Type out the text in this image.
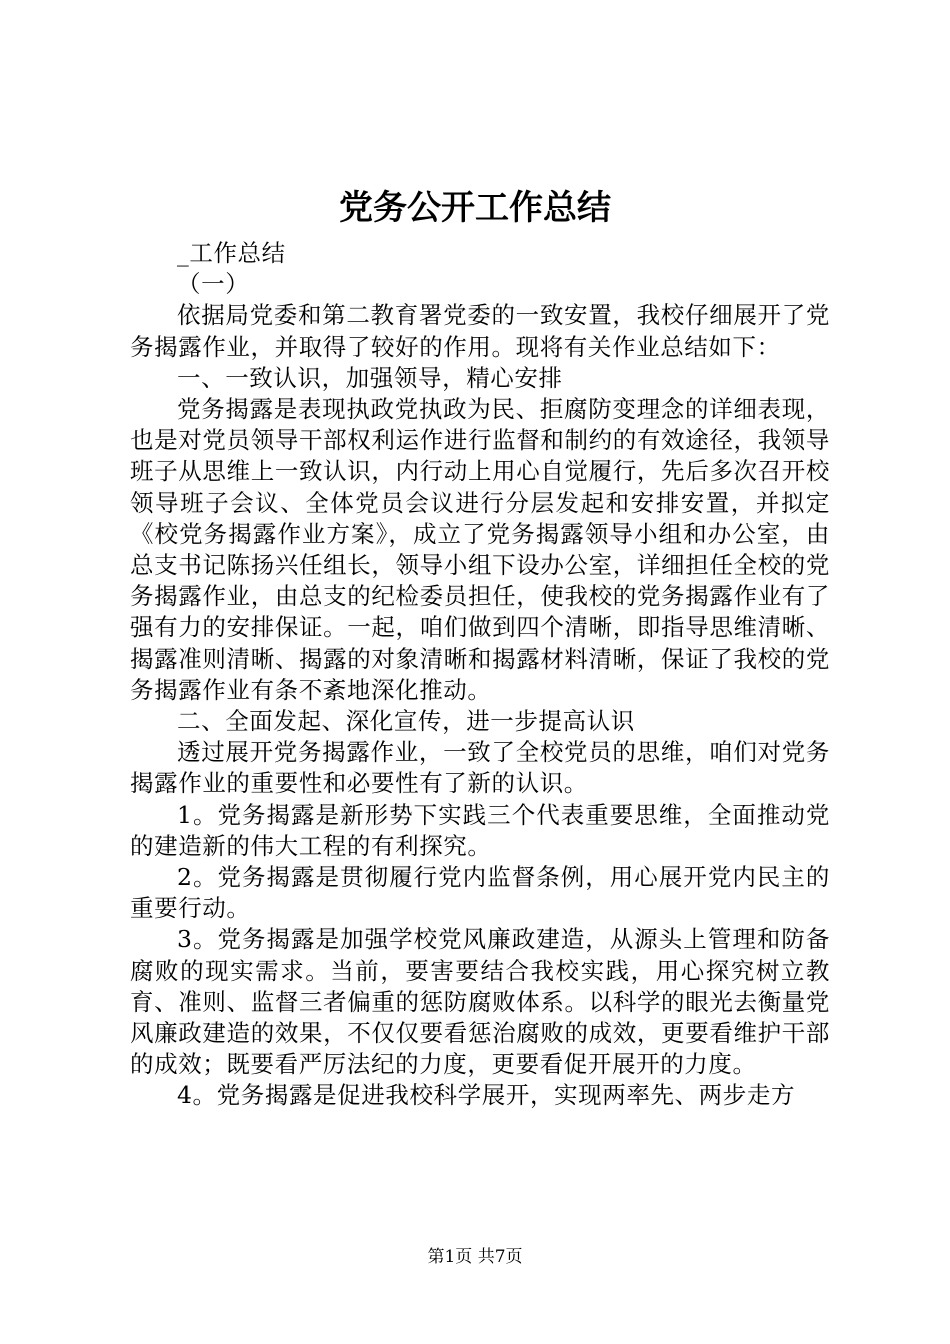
党务公开工作总结

_工作总结

（一）

依据局党委和第二教育署党委的一致安置，我校仔细展开了党务揭露作业，并取得了较好的作用。现将有关作业总结如下：

一、一致认识，加强领导，精心安排

党务揭露是表现执政党执政为民、拒腐防变理念的详细表现，也是对党员领导干部权利运作进行监督和制约的有效途径，我领导班子从思维上一致认识，内行动上用心自觉履行，先后多次召开校领导班子会议、全体党员会议进行分层发起和安排安置，并拟定《校党务揭露作业方案》，成立了党务揭露领导小组和办公室，由总支书记陈扬兴任组长，领导小组下设办公室，详细担任全校的党务揭露作业，由总支的纪检委员担任，使我校的党务揭露作业有了强有力的安排保证。一起，咱们做到四个清晰，即指导思维清晰、揭露准则清晰、揭露的对象清晰和揭露材料清晰，保证了我校的党务揭露作业有条不紊地深化推动。

二、全面发起、深化宣传，进一步提高认识

透过展开党务揭露作业，一致了全校党员的思维，咱们对党务揭露作业的重要性和必要性有了新的认识。

1。党务揭露是新形势下实践三个代表重要思维，全面推动党的建造新的伟大工程的有利探究。

2。党务揭露是贯彻履行党内监督条例，用心展开党内民主的重要行动。

3。党务揭露是加强学校党风廉政建造，从源头上管理和防备腐败的现实需求。当前，要害要结合我校实践，用心探究树立教育、准则、监督三者偏重的惩防腐败体系。以科学的眼光去衡量党风廉政建造的效果，不仅仅要看惩治腐败的成效，更要看维护干部的成效；既要看严厉法纪的力度，更要看促开展开的力度。

4。党务揭露是促进我校科学展开，实现两率先、两步走方

第1页 共7页
